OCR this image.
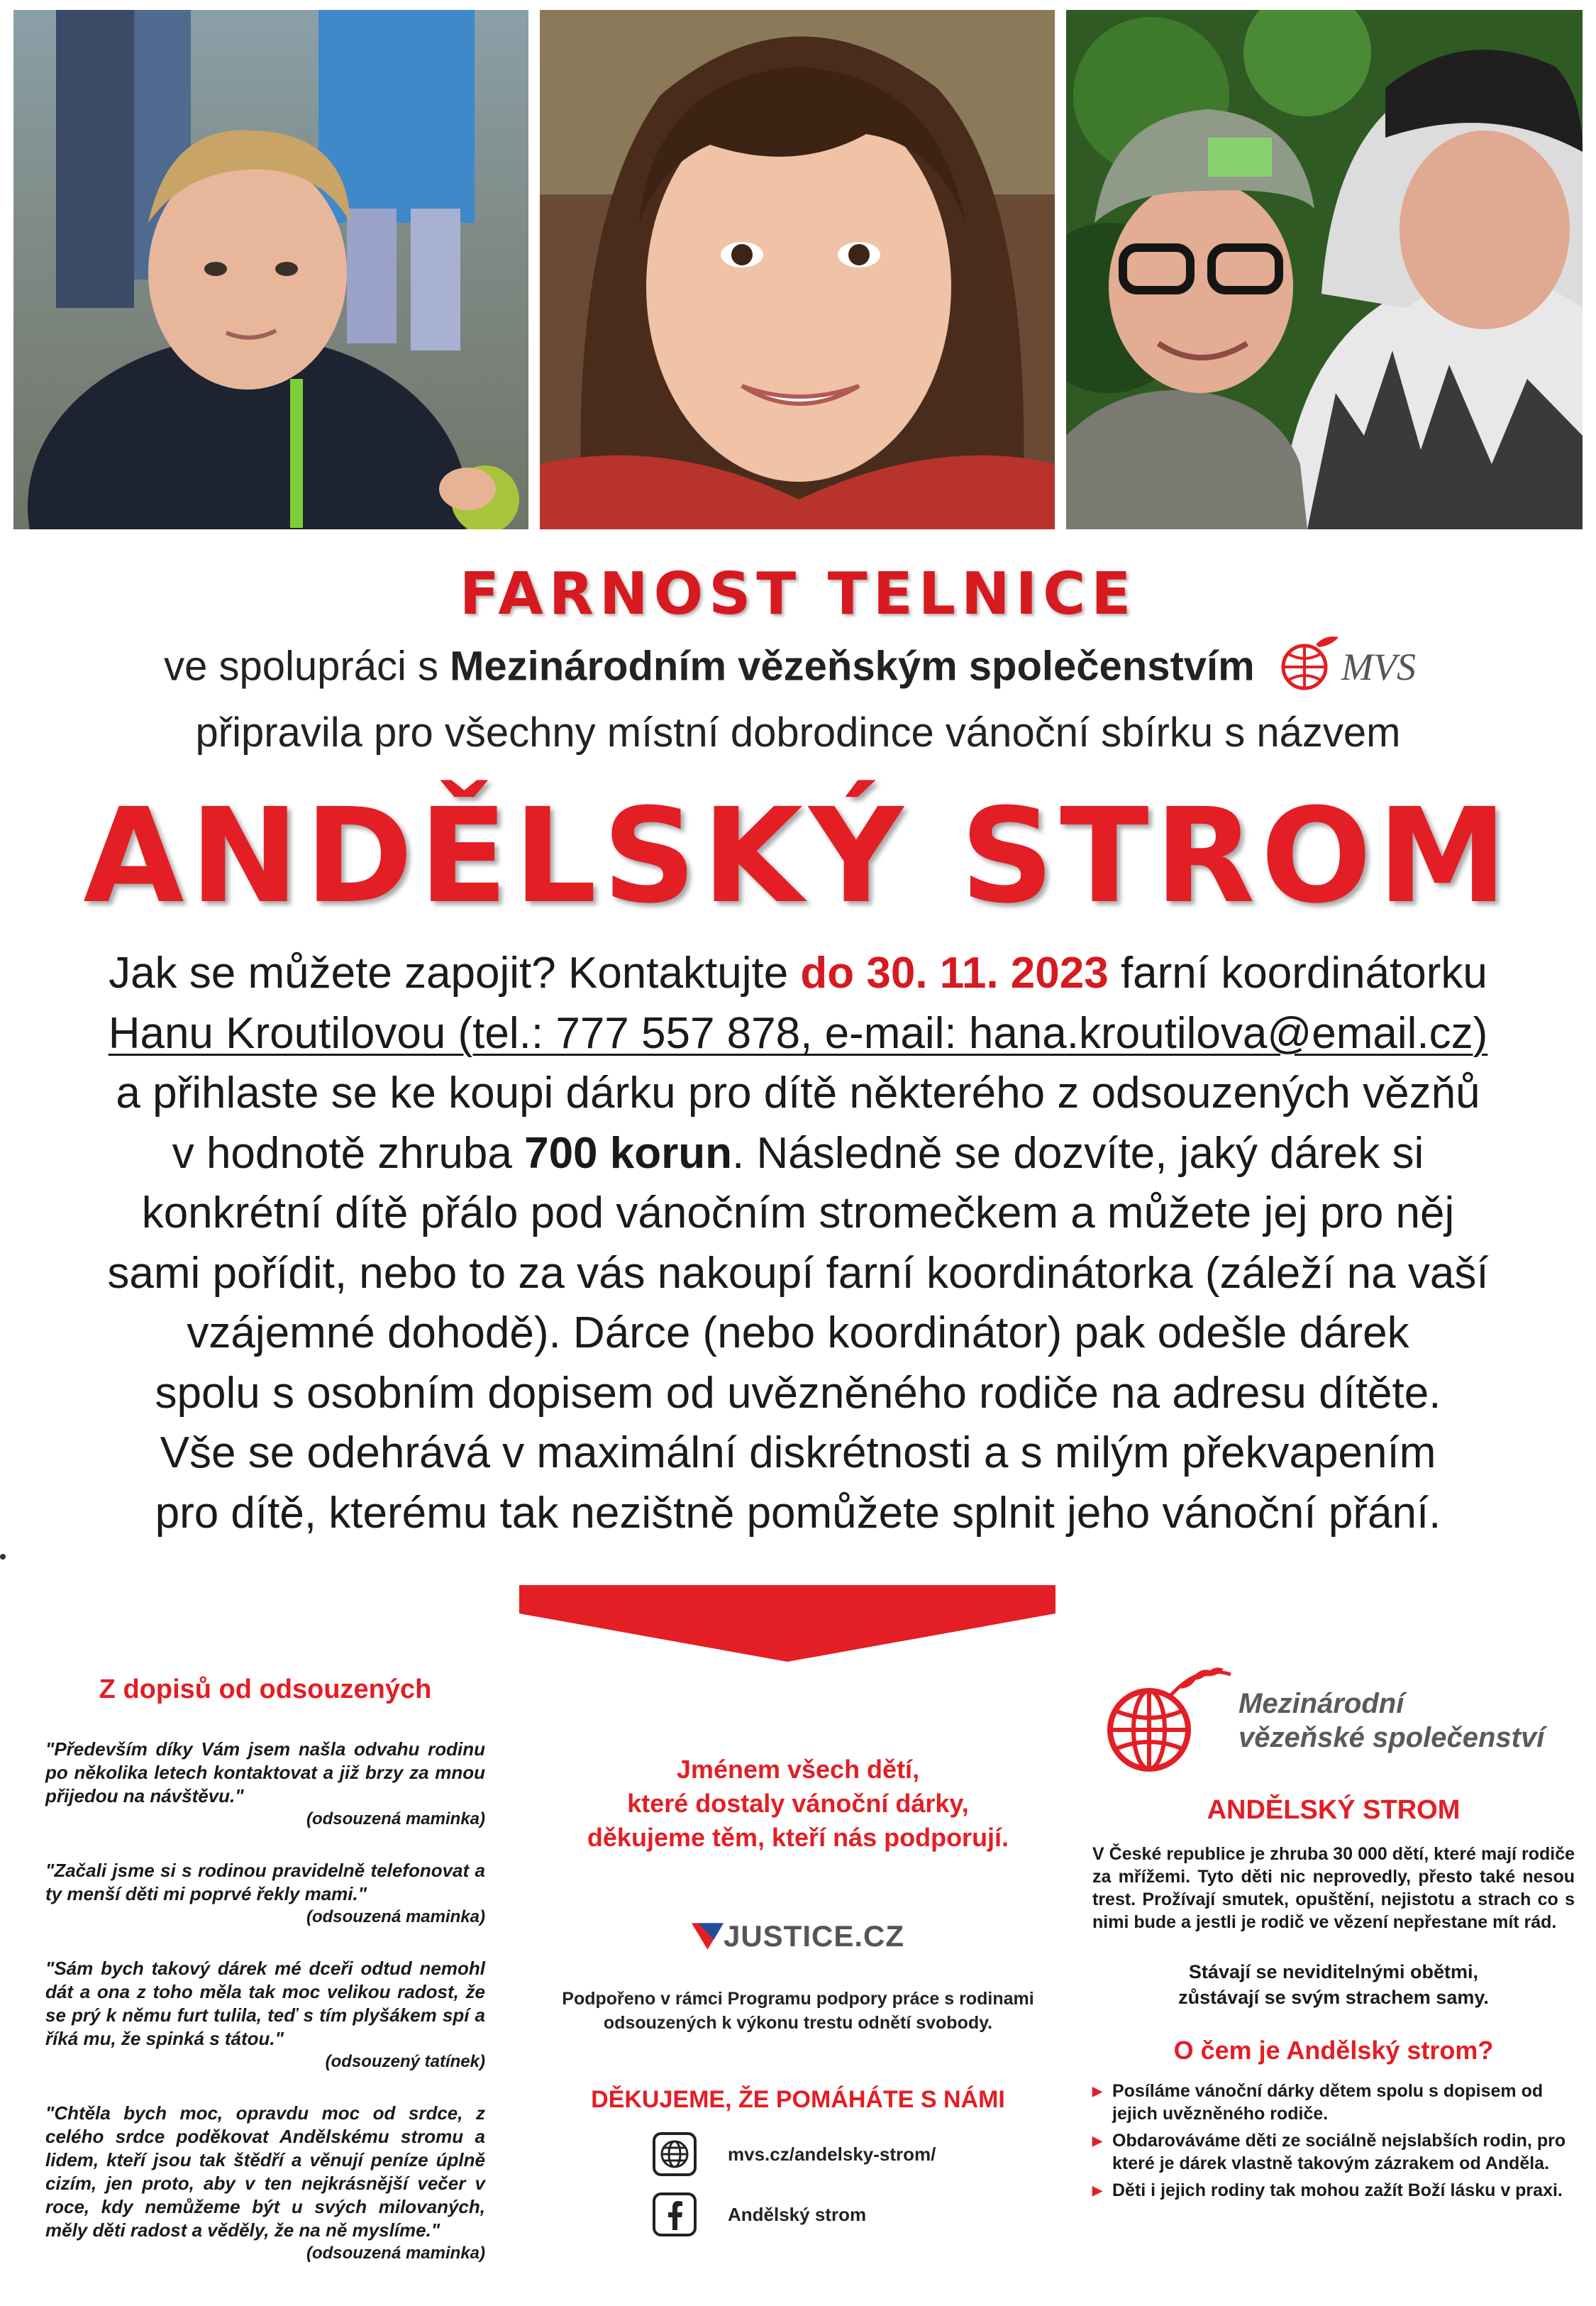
FARNOST TELNICE
ve spolupráci s Mezinárodním vězeňským společenstvím MVS
připravila pro všechny místní dobrodince vánoční sbírku s názvem
ANDĚLSKÝ STROM
Jak se můžete zapojit? Kontaktujte do 30. 11. 2023 farní koordinátorku
Hanu Kroutilovou (tel.: 777 557 878, e-mail: hana.kroutilova@email.cz)
a přihlaste se ke koupi dárku pro dítě některého z odsouzených vězňů
v hodnotě zhruba 700 korun. Následně se dozvíte, jaký dárek si
konkrétní dítě přálo pod vánočním stromečkem a můžete jej pro něj
sami pořídit, nebo to za vás nakoupí farní koordinátorka (záleží na vaší
vzájemné dohodě). Dárce (nebo koordinátor) pak odešle dárek
spolu s osobním dopisem od uvězněného rodiče na adresu dítěte.
Vše se odehrává v maximální diskrétnosti a s milým překvapením
pro dítě, kterému tak nezištně pomůžete splnit jeho vánoční přání.
Z dopisů od odsouzených

"Především díky Vám jsem našla odvahu rodinu po několika letech kontaktovat a již brzy za mnou přijedou na návštěvu."

(odsouzená maminka)

"Začali jsme si s rodinou pravidelně telefonovat a ty menší děti mi poprvé řekly mami."

(odsouzená maminka)

"Sám bych takový dárek mé dceři odtud nemohl dát a ona z toho měla tak moc velikou radost, že se prý k němu furt tulila, teď s tím plyšákem spí a říká mu, že spinká s tátou."

(odsouzený tatínek)

"Chtěla bych moc, opravdu moc od srdce, z celého srdce poděkovat Andělskému stromu a lidem, kteří jsou tak štědří a věnují peníze úplně cizím, jen proto, aby v ten nejkrásnější večer v roce, kdy nemůžeme být u svých milovaných, měly děti radost a věděly, že na ně myslíme."

(odsouzená maminka)

Jménem všech dětí,
které dostaly vánoční dárky,
děkujeme těm, kteří nás podporují.
JUSTICE.CZ
Podpořeno v rámci Programu podpory práce s rodinami
odsouzených k výkonu trestu odnětí svobody.
DĚKUJEME, ŽE POMÁHÁTE S NÁMI
mvs.cz/andelsky-strom/
Andělský strom
Mezinárodní
vězeňské společenství
ANDĚLSKÝ STROM

V České republice je zhruba 30 000 dětí, které mají rodiče za mřížemi. Tyto děti nic neprovedly, přesto také nesou trest. Prožívají smutek, opuštění, nejistotu a strach co s nimi bude a jestli je rodič ve vězení nepřestane mít rád.

Stávají se neviditelnými obětmi,
zůstávají se svým strachem samy.
O čem je Andělský strom?
▶ Posíláme vánoční dárky dětem spolu s dopisem od jejich uvězněného rodiče.
▶ Obdarováváme děti ze sociálně nejslabších rodin, pro které je dárek vlastně takovým zázrakem od Anděla.
▶ Děti i jejich rodiny tak mohou zažít Boží lásku v praxi.
